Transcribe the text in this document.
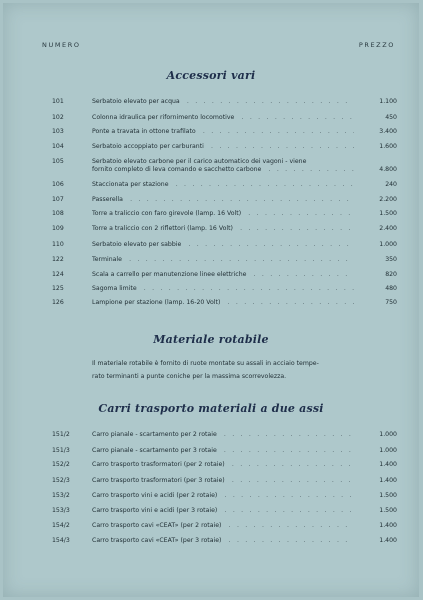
NUMERO	PREZZO
Accessori vari
101	Serbatoio elevato per acqua . . .	1.100
102	Colonna idraulica per rifornimento locomotive . . .	450
103	Ponte a travata in ottone trafilato . . .	3.400
104	Serbatoio accoppiato per carburanti . . .	1.600
105	Serbatoio elevato carbone per il carico automatico dei vagoni - viene
fornito completo di leva comando e sacchetto carbone . . .	4.800
106	Staccionata per stazione . . .	240
107	Passerella . . .	2.200
108	Torre a traliccio con faro girevole (lamp. 16 Volt) . . .	1.500
109	Torre a traliccio con 2 riflettori (lamp. 16 Volt) . . .	2.400
110	Serbatoio elevato per sabbie . . .	1.000
122	Terminale . . .	350
124	Scala a carrello per manutenzione linee elettriche . . .	820
125	Sagoma limite . . .	480
126	Lampione per stazione (lamp. 16-20 Volt) . . .	750
Materiale rotabile
Il materiale rotabile è fornito di ruote montate su assali in acciaio tempe-
rato terminanti a punte coniche per la massima scorrevolezza.
Carri trasporto materiali a due assi
151/2	Carro pianale - scartamento per 2 rotaie . . .	1.000
151/3	Carro pianale - scartamento per 3 rotaie . . .	1.000
152/2	Carro trasporto trasformatori (per 2 rotaie) . . .	1.400
152/3	Carro trasporto trasformatori (per 3 rotaie) . . .	1.400
153/2	Carro trasporto vini e acidi (per 2 rotaie) . . .	1.500
153/3	Carro trasporto vini e acidi (per 3 rotaie) . . .	1.500
154/2	Carro trasporto cavi «CEAT» (per 2 rotaie) . . .	1.400
154/3	Carro trasporto cavi «CEAT» (per 3 rotaie) . . .	1.400
